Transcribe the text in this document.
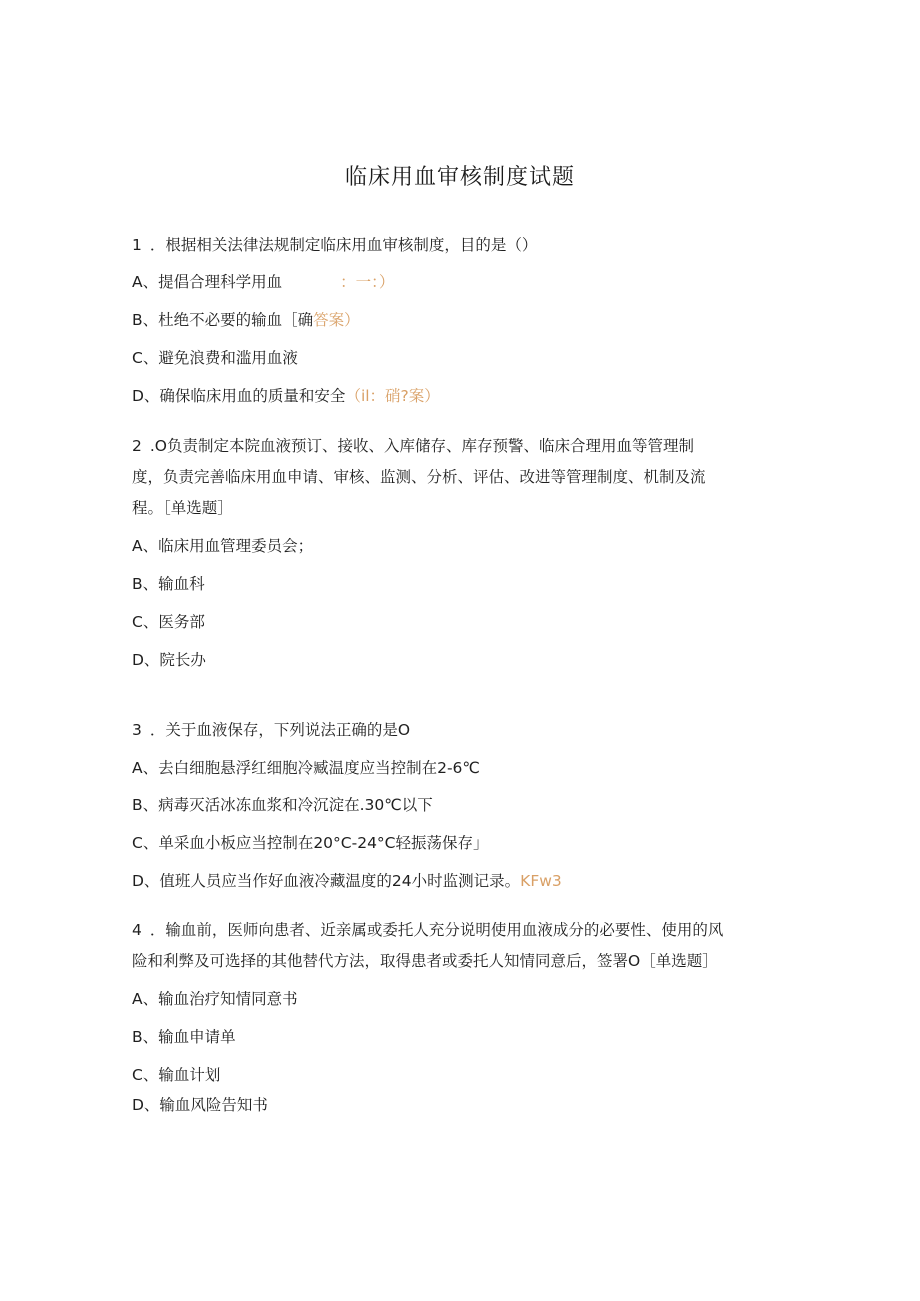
临床用血审核制度试题
1 ．根据相关法律法规制定临床用血审核制度，目的是（）
A、提倡合理科学用血	：一：）
B、杜绝不必要的输血［确答案）
C、避免浪费和滥用血液
D、确保临床用血的质量和安全（il：硝?案）
2 .O负责制定本院血液预订、接收、入库储存、库存预警、临床合理用血等管理制
度，负责完善临床用血申请、审核、监测、分析、评估、改进等管理制度、机制及流
程。［单选题］
A、临床用血管理委员会；
B、输血科
C、医务部
D、院长办
3 ．关于血液保存，下列说法正确的是O
A、去白细胞悬浮红细胞冷臧温度应当控制在2-6℃
B、病毒灭活冰冻血浆和冷沉淀在.30℃以下
C、单采血小板应当控制在20°C-24°C轻振荡保存」
D、值班人员应当作好血液冷藏温度的24小时监测记录。KFw3
4 ．输血前，医师向患者、近亲属或委托人充分说明使用血液成分的必要性、使用的风
险和利弊及可选择的其他替代方法，取得患者或委托人知情同意后，签署O［单选题］
A、输血治疗知情同意书
B、输血申请单
C、输血计划
D、输血风险告知书
